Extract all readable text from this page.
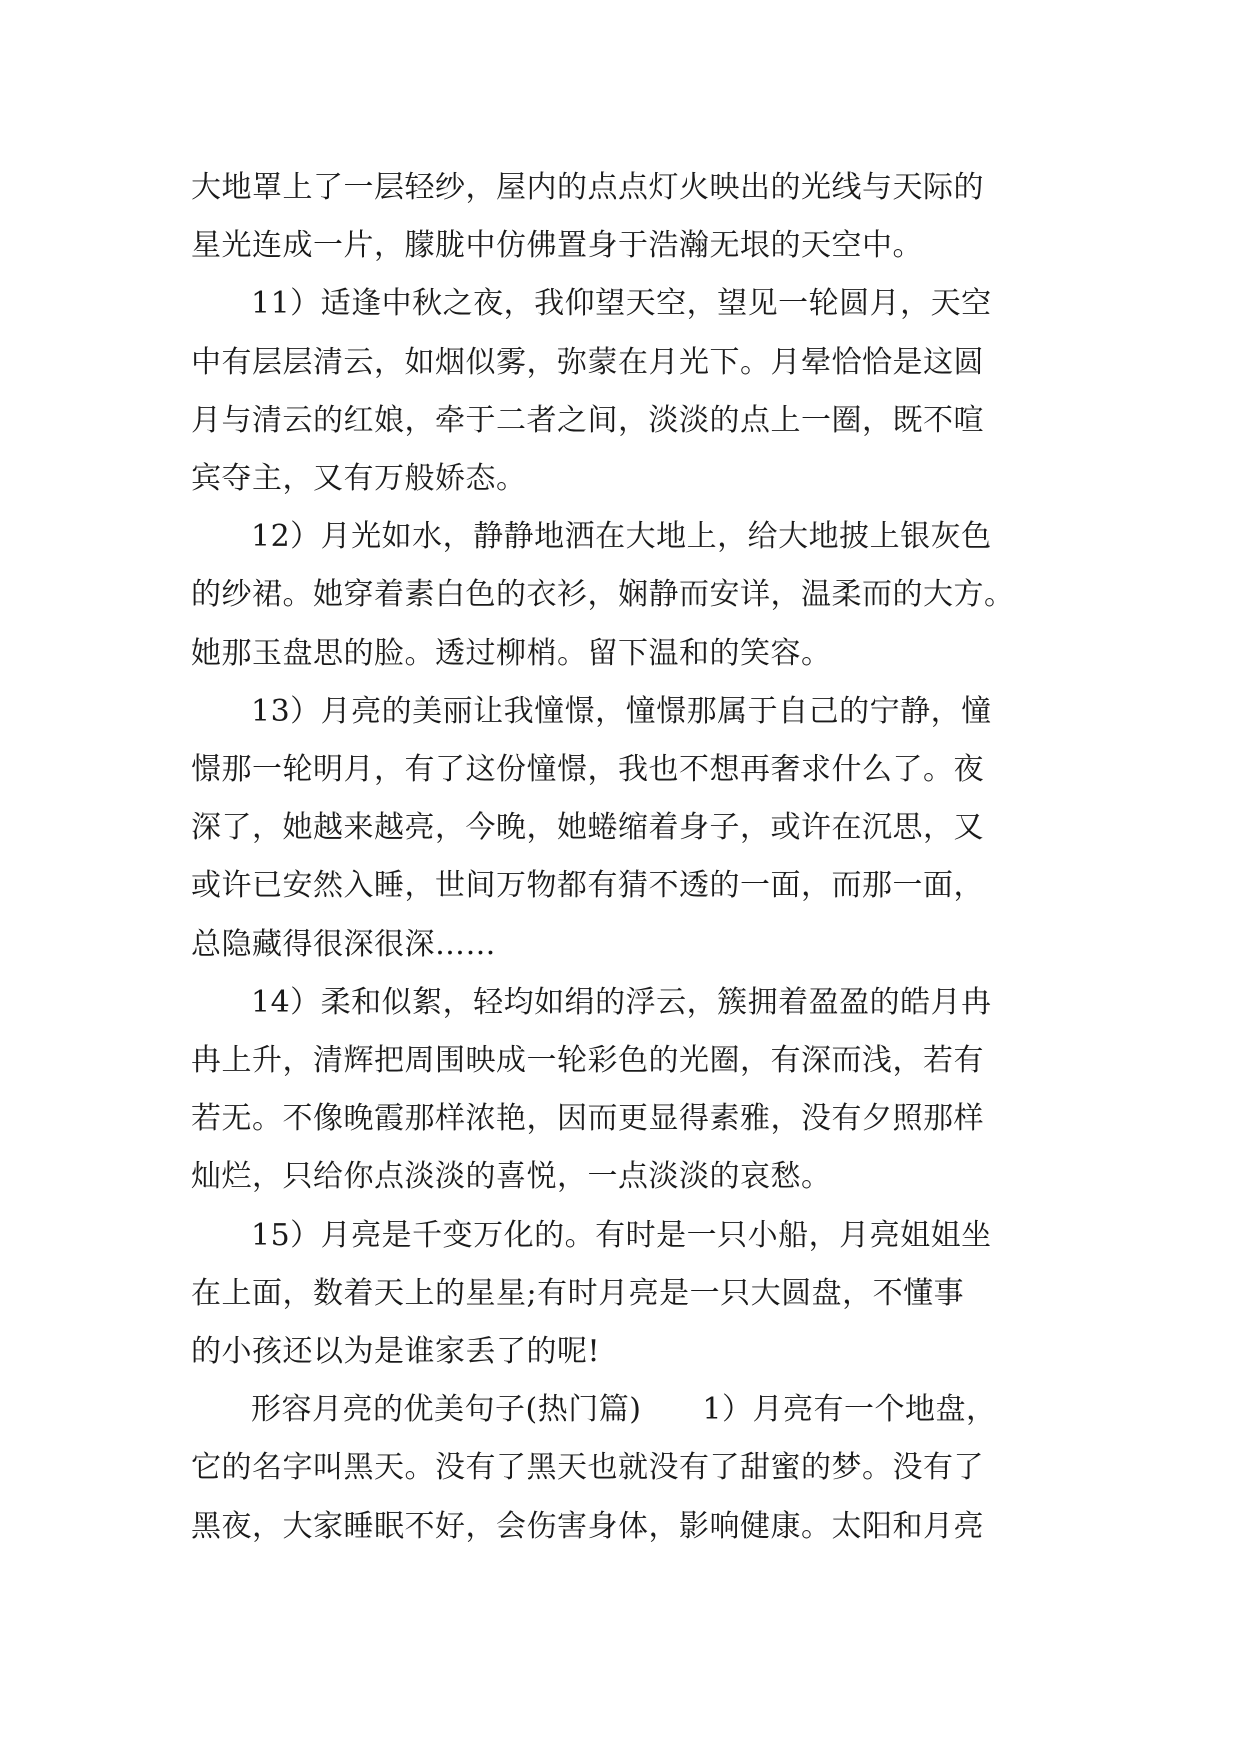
大地罩上了一层轻纱，屋内的点点灯火映出的光线与天际的
星光连成一片，朦胧中仿佛置身于浩瀚无垠的天空中。

11）适逢中秋之夜，我仰望天空，望见一轮圆月，天空
中有层层清云，如烟似雾，弥蒙在月光下。月晕恰恰是这圆
月与清云的红娘，牵于二者之间，淡淡的点上一圈，既不喧
宾夺主，又有万般娇态。

12）月光如水，静静地洒在大地上，给大地披上银灰色
的纱裙。她穿着素白色的衣衫，娴静而安详，温柔而的大方。
她那玉盘思的脸。透过柳梢。留下温和的笑容。

13）月亮的美丽让我憧憬，憧憬那属于自己的宁静，憧
憬那一轮明月，有了这份憧憬，我也不想再奢求什么了。夜
深了，她越来越亮，今晚，她蜷缩着身子，或许在沉思，又
或许已安然入睡，世间万物都有猜不透的一面，而那一面，
总隐藏得很深很深……

14）柔和似絮，轻均如绢的浮云，簇拥着盈盈的皓月冉
冉上升，清辉把周围映成一轮彩色的光圈，有深而浅，若有
若无。不像晚霞那样浓艳，因而更显得素雅，没有夕照那样
灿烂，只给你点淡淡的喜悦，一点淡淡的哀愁。

15）月亮是千变万化的。有时是一只小船，月亮姐姐坐
在上面，数着天上的星星;有时月亮是一只大圆盘，不懂事
的小孩还以为是谁家丢了的呢!

形容月亮的优美句子(热门篇)　　1）月亮有一个地盘，
它的名字叫黑天。没有了黑天也就没有了甜蜜的梦。没有了
黑夜，大家睡眠不好，会伤害身体，影响健康。太阳和月亮
